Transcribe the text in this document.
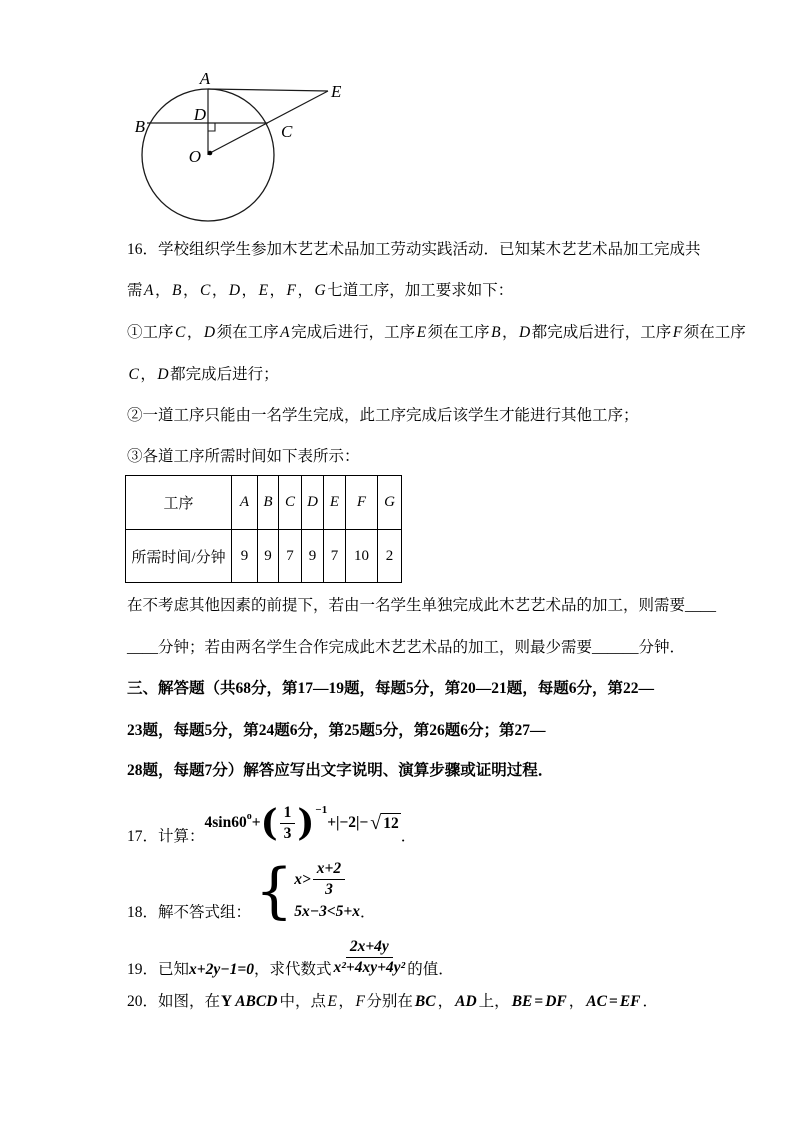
A
B
D
C
E
O
16．学校组织学生参加木艺艺术品加工劳动实践活动．已知某木艺艺术品加工完成共
需A，B，C，D，E，F，G七道工序，加工要求如下：
①工序C，D须在工序A完成后进行，工序E须在工序B，D都完成后进行，工序F须在工序
C，D都完成后进行；
②一道工序只能由一名学生完成，此工序完成后该学生才能进行其他工序；
③各道工序所需时间如下表所示：
工序	A	B	C	D	E	F	G
所需时间/分钟	9	9	7	9	7	10	2
在不考虑其他因素的前提下，若由一名学生单独完成此木艺艺术品的加工，则需要____
____分钟；若由两名学生合作完成此木艺艺术品的加工，则最少需要______分钟．
三、解答题（共68分，第17—19题，每题5分，第20—21题，每题6分，第22—
23题，每题5分，第24题6分，第25题5分，第26题6分；第27—
28题，每题7分）解答应写出文字说明、演算步骤或证明过程．
17．计算：
4sin60 o + ( $\frac{1}{3}$ ) −1
+|−2|− √ 12
．
18．解不答式组： { $x> \frac{x+2}{3}$
5x−3<5+x ．
19．已知 x+2y−1=0 ，求代数式 $\frac{2x+4y}{\text{x²+4xy+4y²}}$ 的值．
20．如图，在Y ABCD 中，点E，F分别在 BC ， AD 上， BE = DF ， AC = EF ．
